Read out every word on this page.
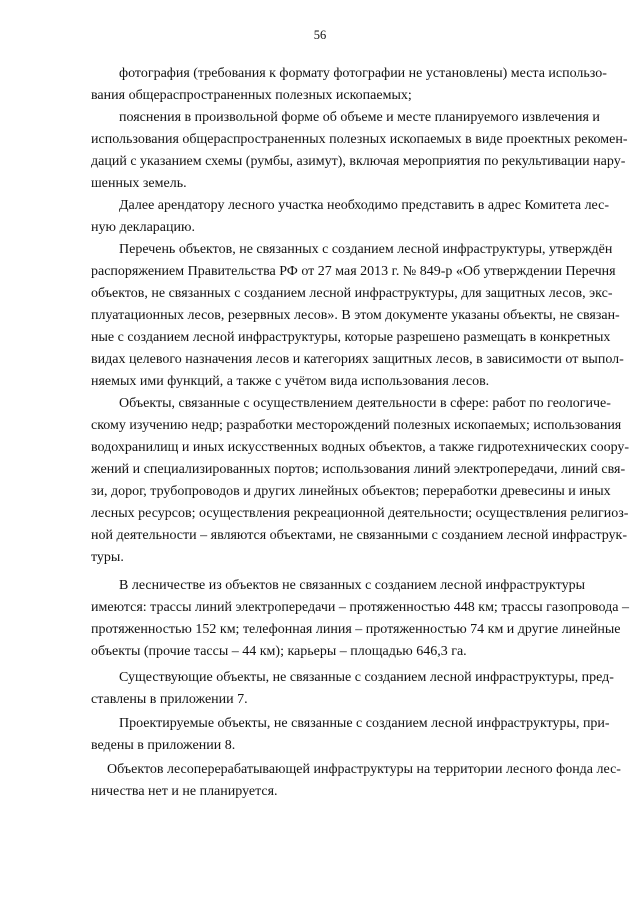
56
фотография (требования к формату фотографии не установлены) места использо-
вания общераспространенных полезных ископаемых;
пояснения в произвольной форме об объеме и месте планируемого извлечения и
использования общераспространенных полезных ископаемых в виде проектных рекомен-
даций с указанием схемы (румбы, азимут), включая мероприятия по рекультивации нару-
шенных земель.
Далее арендатору лесного участка необходимо представить в адрес Комитета лес-
ную декларацию.
Перечень объектов, не связанных с созданием лесной инфраструктуры, утверждён
распоряжением Правительства РФ от 27 мая 2013 г. № 849-р «Об утверждении Перечня
объектов, не связанных с созданием лесной инфраструктуры, для защитных лесов, экс-
плуатационных лесов, резервных лесов». В этом документе указаны объекты, не связан-
ные с созданием лесной инфраструктуры, которые разрешено размещать в конкретных
видах целевого назначения лесов и категориях защитных лесов, в зависимости от выпол-
няемых ими функций, а также с учётом вида использования лесов.
Объекты, связанные с осуществлением деятельности в сфере: работ по геологиче-
скому изучению недр; разработки месторождений полезных ископаемых; использования
водохранилищ и иных искусственных водных объектов, а также гидротехнических соору-
жений и специализированных портов; использования линий электропередачи, линий свя-
зи, дорог, трубопроводов и других линейных объектов; переработки древесины и иных
лесных ресурсов; осуществления рекреационной деятельности; осуществления религиоз-
ной деятельности – являются объектами, не связанными с созданием лесной инфраструк-
туры.
В лесничестве из объектов не связанных с созданием лесной инфраструктуры
имеются: трассы линий электропередачи – протяженностью 448 км; трассы газопровода –
протяженностью 152 км; телефонная линия – протяженностью 74 км и другие линейные
объекты (прочие тассы – 44 км); карьеры – площадью 646,3 га.
Существующие объекты, не связанные с созданием лесной инфраструктуры, пред-
ставлены в приложении 7.
Проектируемые объекты, не связанные с созданием лесной инфраструктуры, при-
ведены в приложении 8.
Объектов лесоперерабатывающей инфраструктуры на территории лесного фонда лес-
ничества нет и не планируется.
